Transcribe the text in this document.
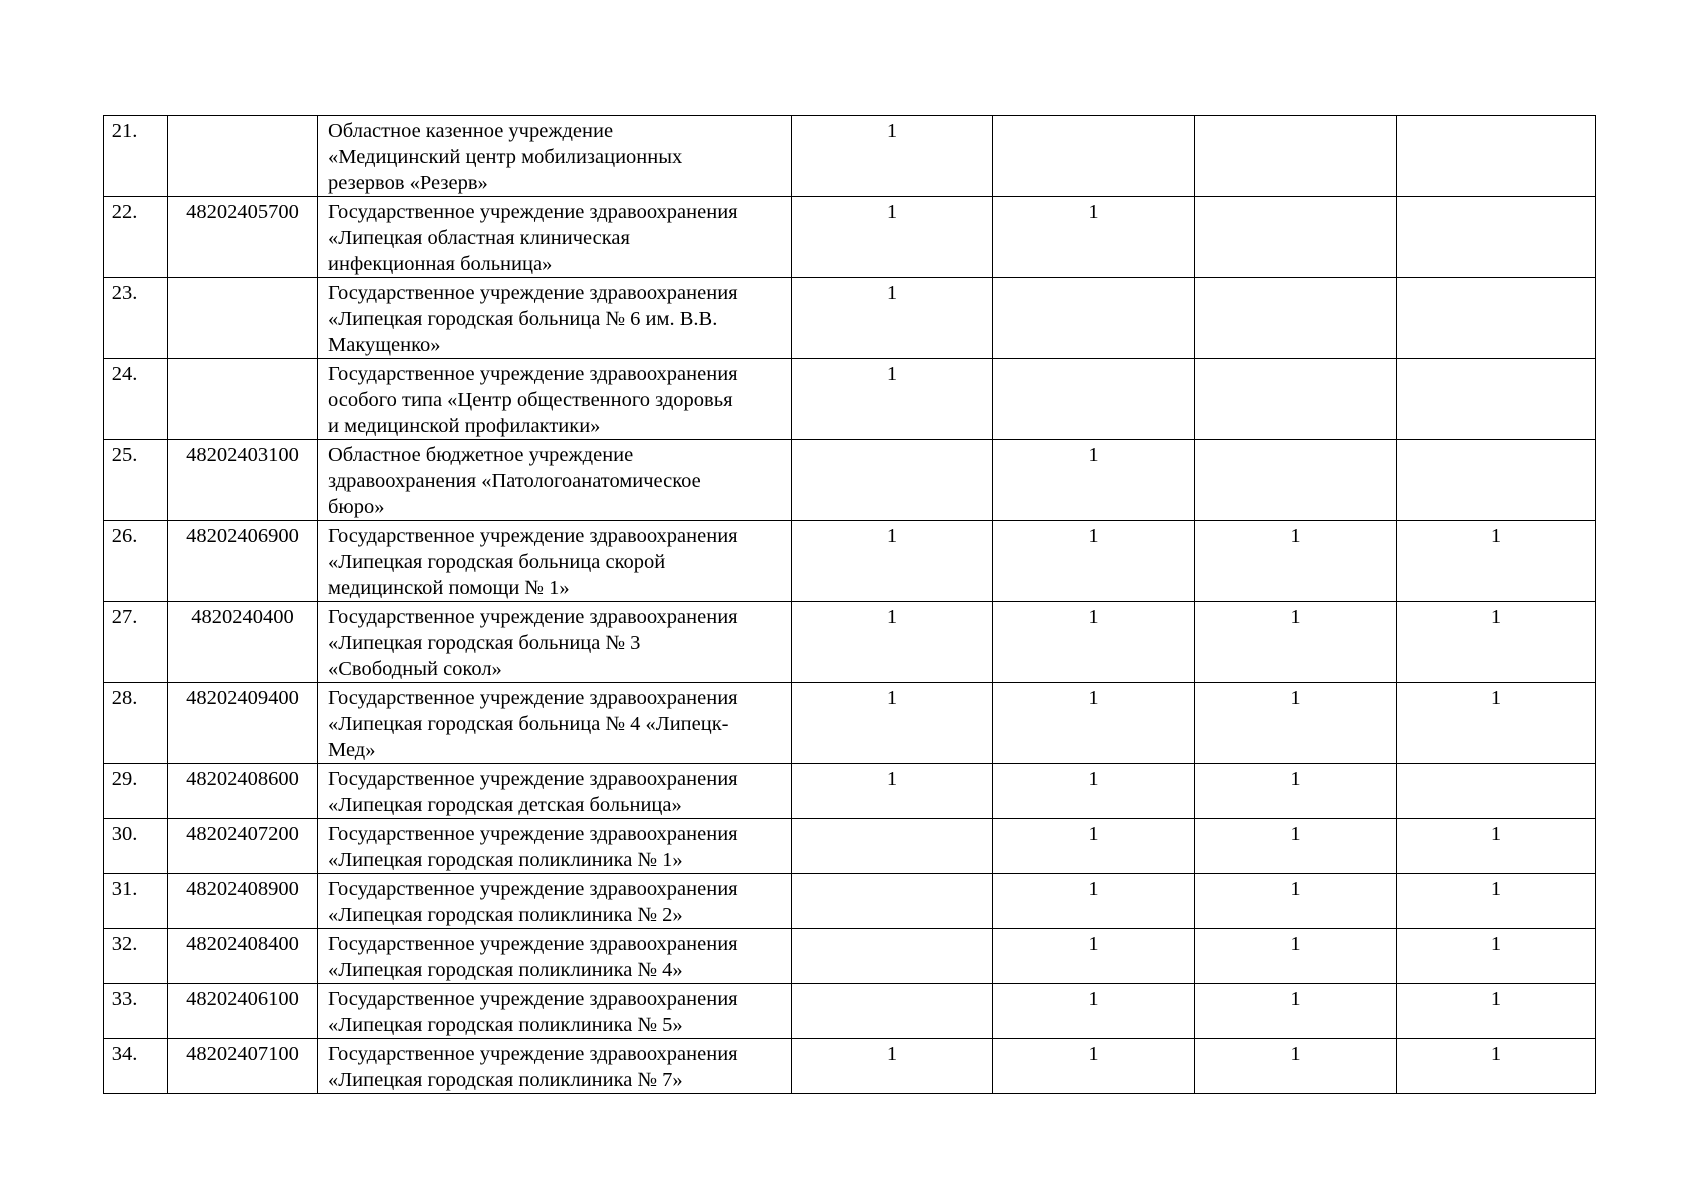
21.		Областное казенное учреждение
«Медицинский центр мобилизационных
резервов «Резерв»	1			
22.	48202405700	Государственное учреждение здравоохранения
«Липецкая областная клиническая
инфекционная больница»	1	1		
23.		Государственное учреждение здравоохранения
«Липецкая городская больница № 6 им. В.В.
Макущенко»	1			
24.		Государственное учреждение здравоохранения
особого типа «Центр общественного здоровья
и медицинской профилактики»	1			
25.	48202403100	Областное бюджетное учреждение
здравоохранения «Патологоанатомическое
бюро»		1		
26.	48202406900	Государственное учреждение здравоохранения
«Липецкая городская больница скорой
медицинской помощи № 1»	1	1	1	1
27.	4820240400	Государственное учреждение здравоохранения
«Липецкая городская больница № 3
«Свободный сокол»	1	1	1	1
28.	48202409400	Государственное учреждение здравоохранения
«Липецкая городская больница № 4 «Липецк-
Мед»	1	1	1	1
29.	48202408600	Государственное учреждение здравоохранения
«Липецкая городская детская больница»	1	1	1	
30.	48202407200	Государственное учреждение здравоохранения
«Липецкая городская поликлиника № 1»		1	1	1
31.	48202408900	Государственное учреждение здравоохранения
«Липецкая городская поликлиника № 2»		1	1	1
32.	48202408400	Государственное учреждение здравоохранения
«Липецкая городская поликлиника № 4»		1	1	1
33.	48202406100	Государственное учреждение здравоохранения
«Липецкая городская поликлиника № 5»		1	1	1
34.	48202407100	Государственное учреждение здравоохранения
«Липецкая городская поликлиника № 7»	1	1	1	1
